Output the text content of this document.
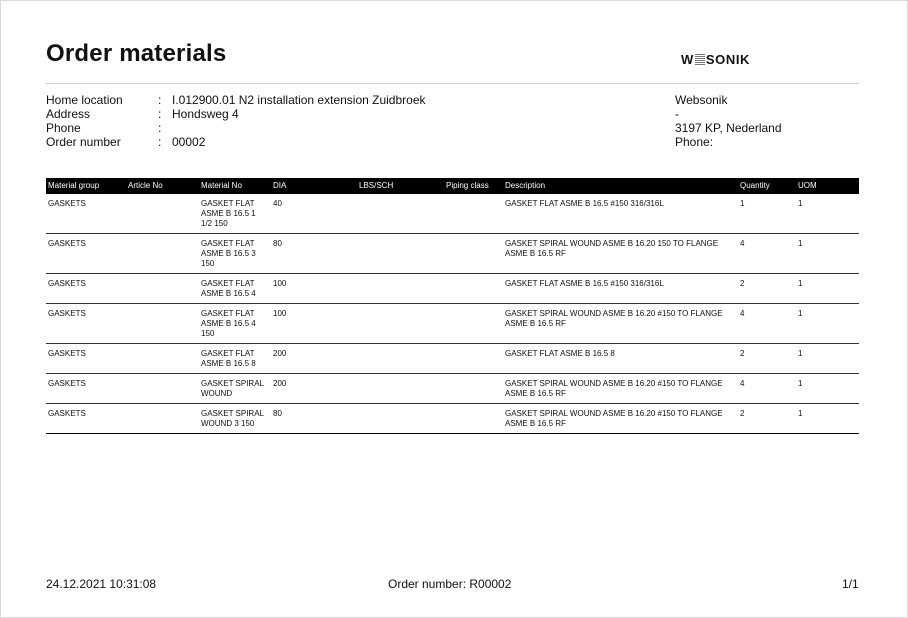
Order materials	W SONIK
Home location	: I.012900.01 N2 installation extension Zuidbroek
Address	: Hondsweg 4
Phone	:
Order number	: 00002
Websonik
-
3197 KP, Nederland
Phone:
Material group	Article No	Material No	DIA	LBS/SCH	Piping class	Description	Quantity	UOM
GASKETS		GASKET FLAT ASME B 16.5 1 1/2 150	40			GASKET FLAT ASME B 16.5 #150 316/316L	1	1
GASKETS		GASKET FLAT ASME B 16.5 3 150	80			GASKET SPIRAL WOUND ASME B 16.20 150 TO FLANGE ASME B 16.5 RF	4	1
GASKETS		GASKET FLAT ASME B 16.5 4	100			GASKET FLAT ASME B 16.5 #150 316/316L	2	1
GASKETS		GASKET FLAT ASME B 16.5 4 150	100			GASKET SPIRAL WOUND ASME B 16.20 #150 TO FLANGE ASME B 16.5 RF	4	1
GASKETS		GASKET FLAT ASME B 16.5 8	200			GASKET FLAT ASME B 16.5 8	2	1
GASKETS		GASKET SPIRAL WOUND	200			GASKET SPIRAL WOUND ASME B 16.20 #150 TO FLANGE ASME B 16.5 RF	4	1
GASKETS		GASKET SPIRAL WOUND 3 150	80			GASKET SPIRAL WOUND ASME B 16.20 #150 TO FLANGE ASME B 16.5 RF	2	1
24.12.2021 10:31:08	Order number: R00002	1/1
